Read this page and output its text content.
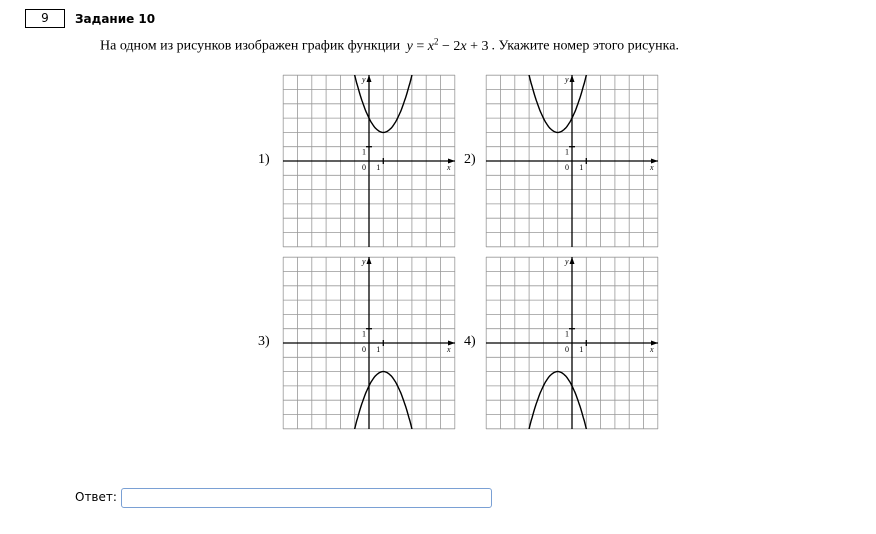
9	Задание 10
На одном из рисунков изображен график функции $y = x^2 - 2x + 3$ . Укажите номер этого рисунка.
1)
x
y
0 1
1	2)
x
y
0 1
1
3)
x
y
0 1
1	4)
x
y
0 1
1
Ответ:
